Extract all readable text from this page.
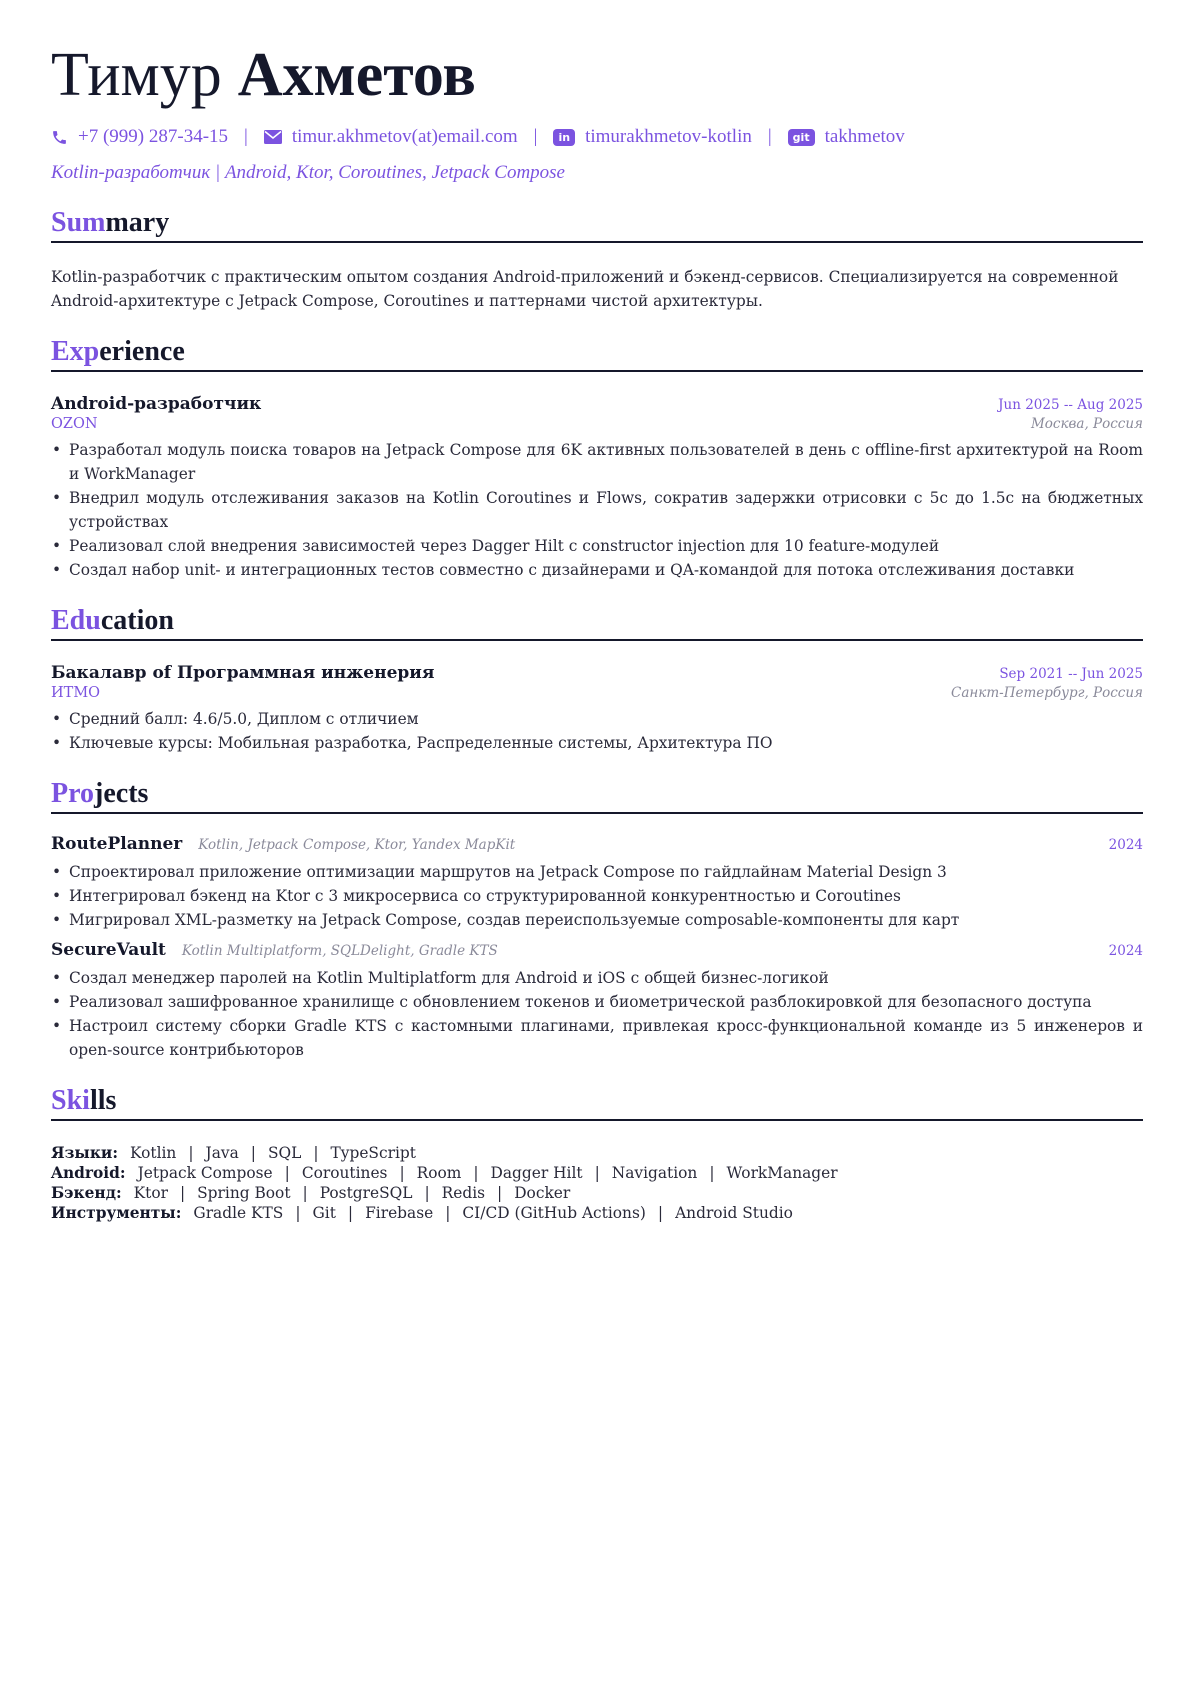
Тимур Ахметов
+7 (999) 287-34-15 | timur.akhmetov(at)email.com |	in timurakhmetov-kotlin |	git takhmetov
Kotlin-разработчик | Android, Ktor, Coroutines, Jetpack Compose
Summary
Kotlin-разработчик с практическим опытом создания Android-приложений и бэкенд-сервисов. Специализируется на современной Android-архитектуре с Jetpack Compose, Coroutines и паттернами чистой архитектуры.
Experience
Android-разработчик	Jun 2025 -- Aug 2025
OZON	Москва, Россия
• Разработал модуль поиска товаров на Jetpack Compose для 6K активных пользователей в день с offline-first архитектурой на Room и WorkManager
• Внедрил модуль отслеживания заказов на Kotlin Coroutines и Flows, сократив задержки отрисовки с 5с до 1.5с на бюджетных устройствах
• Реализовал слой внедрения зависимостей через Dagger Hilt с constructor injection для 10 feature-модулей
• Создал набор unit- и интеграционных тестов совместно с дизайнерами и QA-командой для потока отслеживания доставки
Education
Бакалавр of Программная инженерия	Sep 2021 -- Jun 2025
ИТМО	Санкт-Петербург, Россия
• Средний балл: 4.6/5.0, Диплом с отличием
• Ключевые курсы: Мобильная разработка, Распределенные системы, Архитектура ПО
Projects
RoutePlanner Kotlin, Jetpack Compose, Ktor, Yandex MapKit	2024
• Спроектировал приложение оптимизации маршрутов на Jetpack Compose по гайдлайнам Material Design 3
• Интегрировал бэкенд на Ktor с 3 микросервиса со структурированной конкурентностью и Coroutines
• Мигрировал XML-разметку на Jetpack Compose, создав переиспользуемые composable-компоненты для карт
SecureVault Kotlin Multiplatform, SQLDelight, Gradle KTS	2024
• Создал менеджер паролей на Kotlin Multiplatform для Android и iOS с общей бизнес-логикой
• Реализовал зашифрованное хранилище с обновлением токенов и биометрической разблокировкой для безопасного доступа
• Настроил систему сборки Gradle KTS с кастомными плагинами, привлекая кросс-функциональной команде из 5 инженеров и open-source контрибьюторов
Skills
Языки: Kotlin | Java | SQL | TypeScript
Android: Jetpack Compose | Coroutines | Room | Dagger Hilt | Navigation | WorkManager
Бэкенд: Ktor | Spring Boot | PostgreSQL | Redis | Docker
Инструменты: Gradle KTS | Git | Firebase | CI/CD (GitHub Actions) | Android Studio
